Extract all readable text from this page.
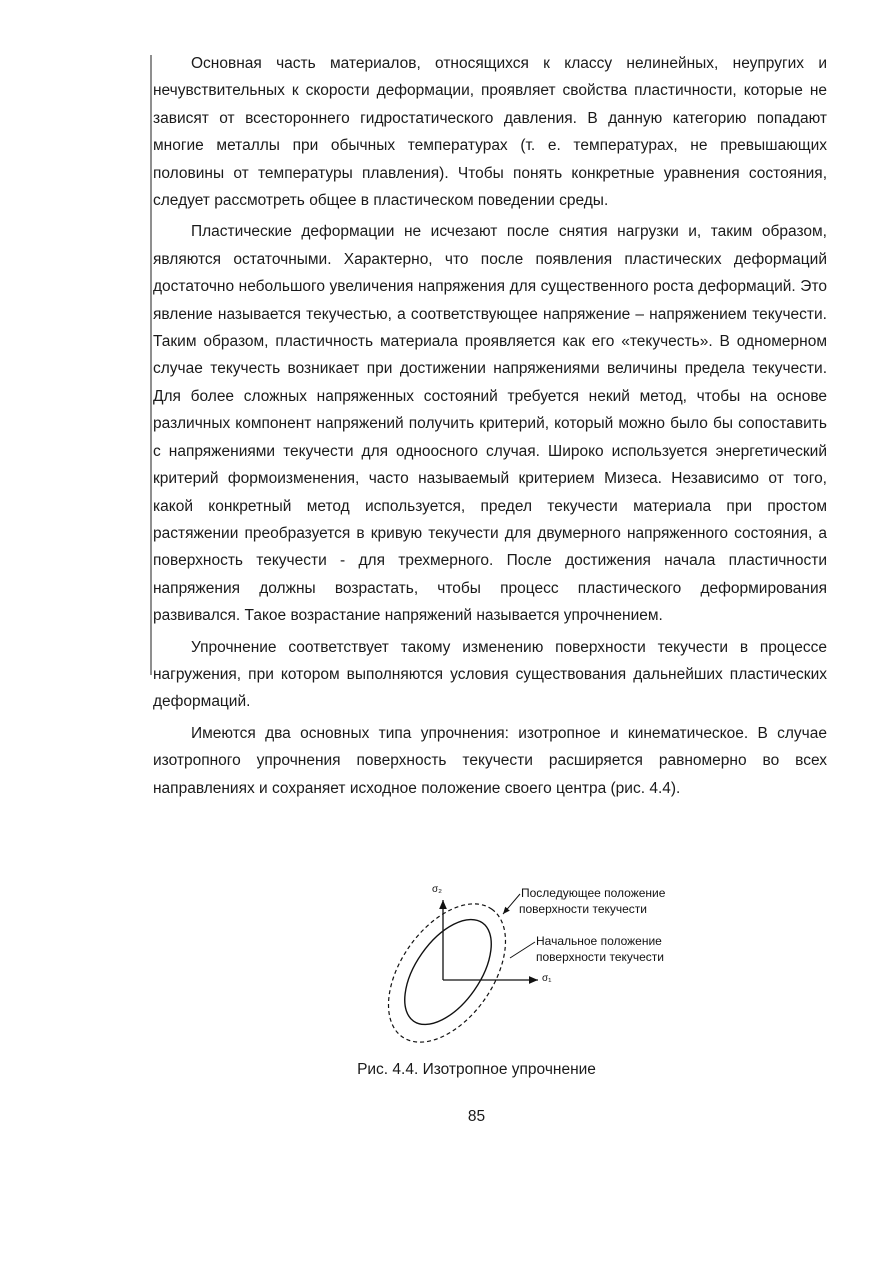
Основная часть материалов, относящихся к классу нелинейных, неупругих и нечувствительных к скорости деформации, проявляет свойства пластичности, которые не зависят от всестороннего гидростатического давления. В данную категорию попадают многие металлы при обычных температурах (т. е. температурах, не превышающих половины от температуры плавления). Чтобы понять конкретные уравнения состояния, следует рассмотреть общее в пластическом поведении среды.

Пластические деформации не исчезают после снятия нагрузки и, таким образом, являются остаточными. Характерно, что после появления пластических деформаций достаточно небольшого увеличения напряжения для существенного роста деформаций. Это явление называется текучестью, а соответствующее напряжение – напряжением текучести. Таким образом, пластичность материала проявляется как его «текучесть». В одномерном случае текучесть возникает при достижении напряжениями величины предела текучести. Для более сложных напряженных состояний требуется некий метод, чтобы на основе различных компонент напряжений получить критерий, который можно было бы сопоставить с напряжениями текучести для одноосного случая. Широко используется энергетический критерий формоизменения, часто называемый критерием Мизеса. Независимо от того, какой конкретный метод используется, предел текучести материала при простом растяжении преобразуется в кривую текучести для двумерного напряженного состояния, а поверхность текучести - для трехмерного. После достижения начала пластичности напряжения должны возрастать, чтобы процесс пластического деформирования развивался. Такое возрастание напряжений называется упрочнением.

Упрочнение соответствует такому изменению поверхности текучести в процессе нагружения, при котором выполняются условия существования дальнейших пластических деформаций.

Имеются два основных типа упрочнения: изотропное и кинематическое. В случае изотропного упрочнения поверхность текучести расширяется равномерно во всех направлениях и сохраняет исходное положение своего центра (рис. 4.4).

σ₂
σ₁
Последующее положение
поверхности текучести
Начальное положение
поверхности текучести
Рис. 4.4. Изотропное упрочнение
85
